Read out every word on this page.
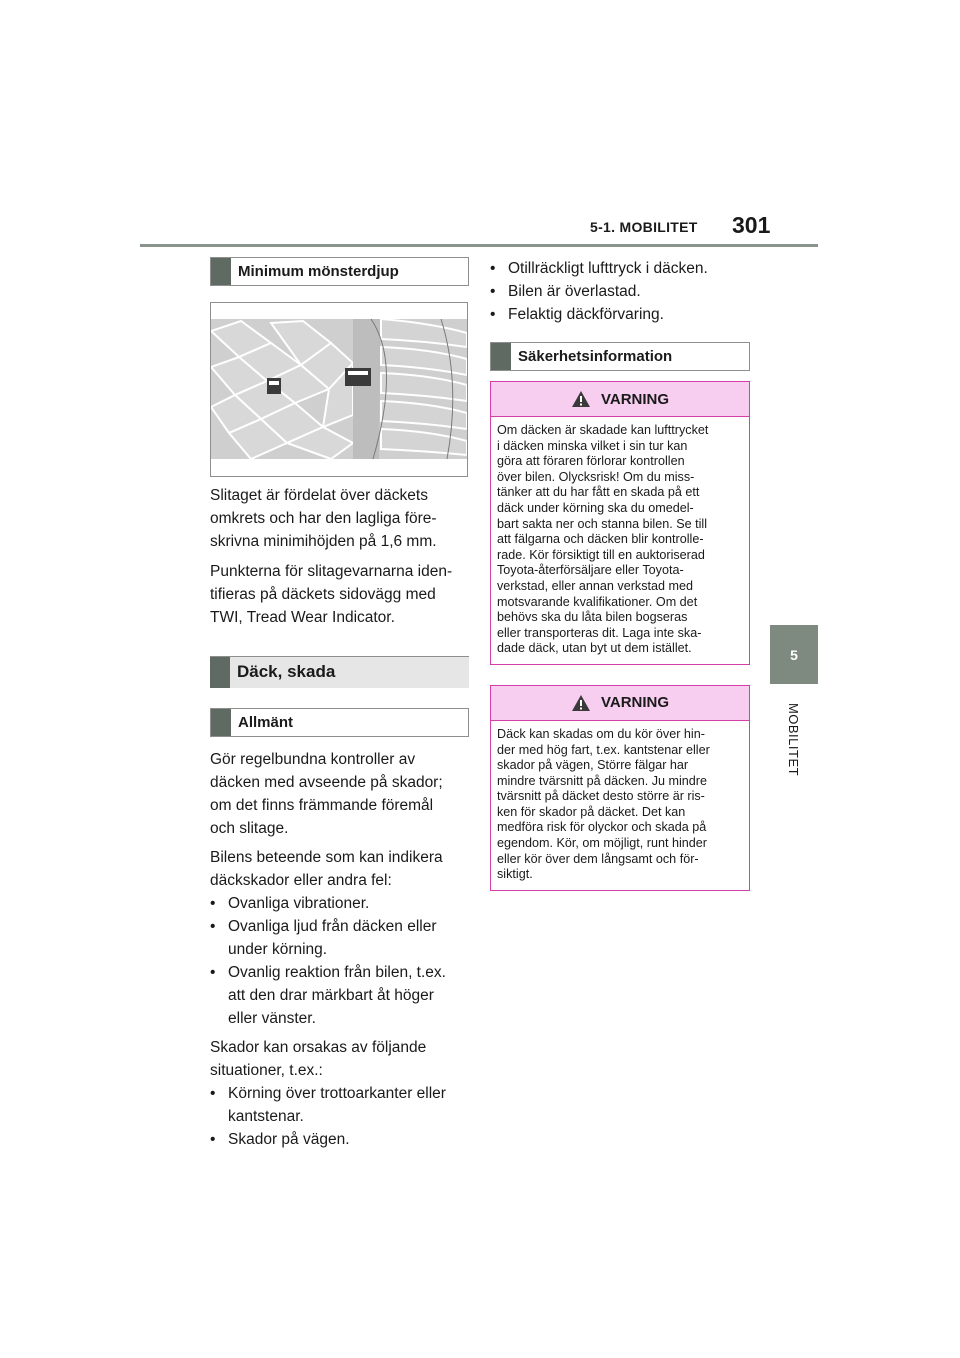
5-1. MOBILITET 301
5
MOBILITET
Minimum mönsterdjup

Slitaget är fördelat över däckets
omkrets och har den lagliga före-
skrivna minimihöjden på 1,6 mm.

Punkterna för slitagevarnarna iden-
tifieras på däckets sidovägg med
TWI, Tread Wear Indicator.

Däck, skada
Allmänt

Gör regelbundna kontroller av
däcken med avseende på skador;
om det finns främmande föremål
och slitage.

Bilens beteende som kan indikera
däckskador eller andra fel:

• Ovanliga vibrationer.
• Ovanliga ljud från däcken eller
under körning.
• Ovanlig reaktion från bilen, t.ex.
att den drar märkbart åt höger
eller vänster.

Skador kan orsakas av följande
situationer, t.ex.:

• Körning över trottoarkanter eller
kantstenar.
• Skador på vägen.
• Otillräckligt lufttryck i däcken.
• Bilen är överlastad.
• Felaktig däckförvaring.
Säkerhetsinformation
VARNING
Om däcken är skadade kan lufttrycket
i däcken minska vilket i sin tur kan
göra att föraren förlorar kontrollen
över bilen. Olycksrisk! Om du miss-
tänker att du har fått en skada på ett
däck under körning ska du omedel-
bart sakta ner och stanna bilen. Se till
att fälgarna och däcken blir kontrolle-
rade. Kör försiktigt till en auktoriserad
Toyota-återförsäljare eller Toyota-
verkstad, eller annan verkstad med
motsvarande kvalifikationer. Om det
behövs ska du låta bilen bogseras
eller transporteras dit. Laga inte ska-
dade däck, utan byt ut dem istället.
VARNING
Däck kan skadas om du kör över hin-
der med hög fart, t.ex. kantstenar eller
skador på vägen, Större fälgar har
mindre tvärsnitt på däcken. Ju mindre
tvärsnitt på däcket desto större är ris-
ken för skador på däcket. Det kan
medföra risk för olyckor och skada på
egendom. Kör, om möjligt, runt hinder
eller kör över dem långsamt och för-
siktigt.
